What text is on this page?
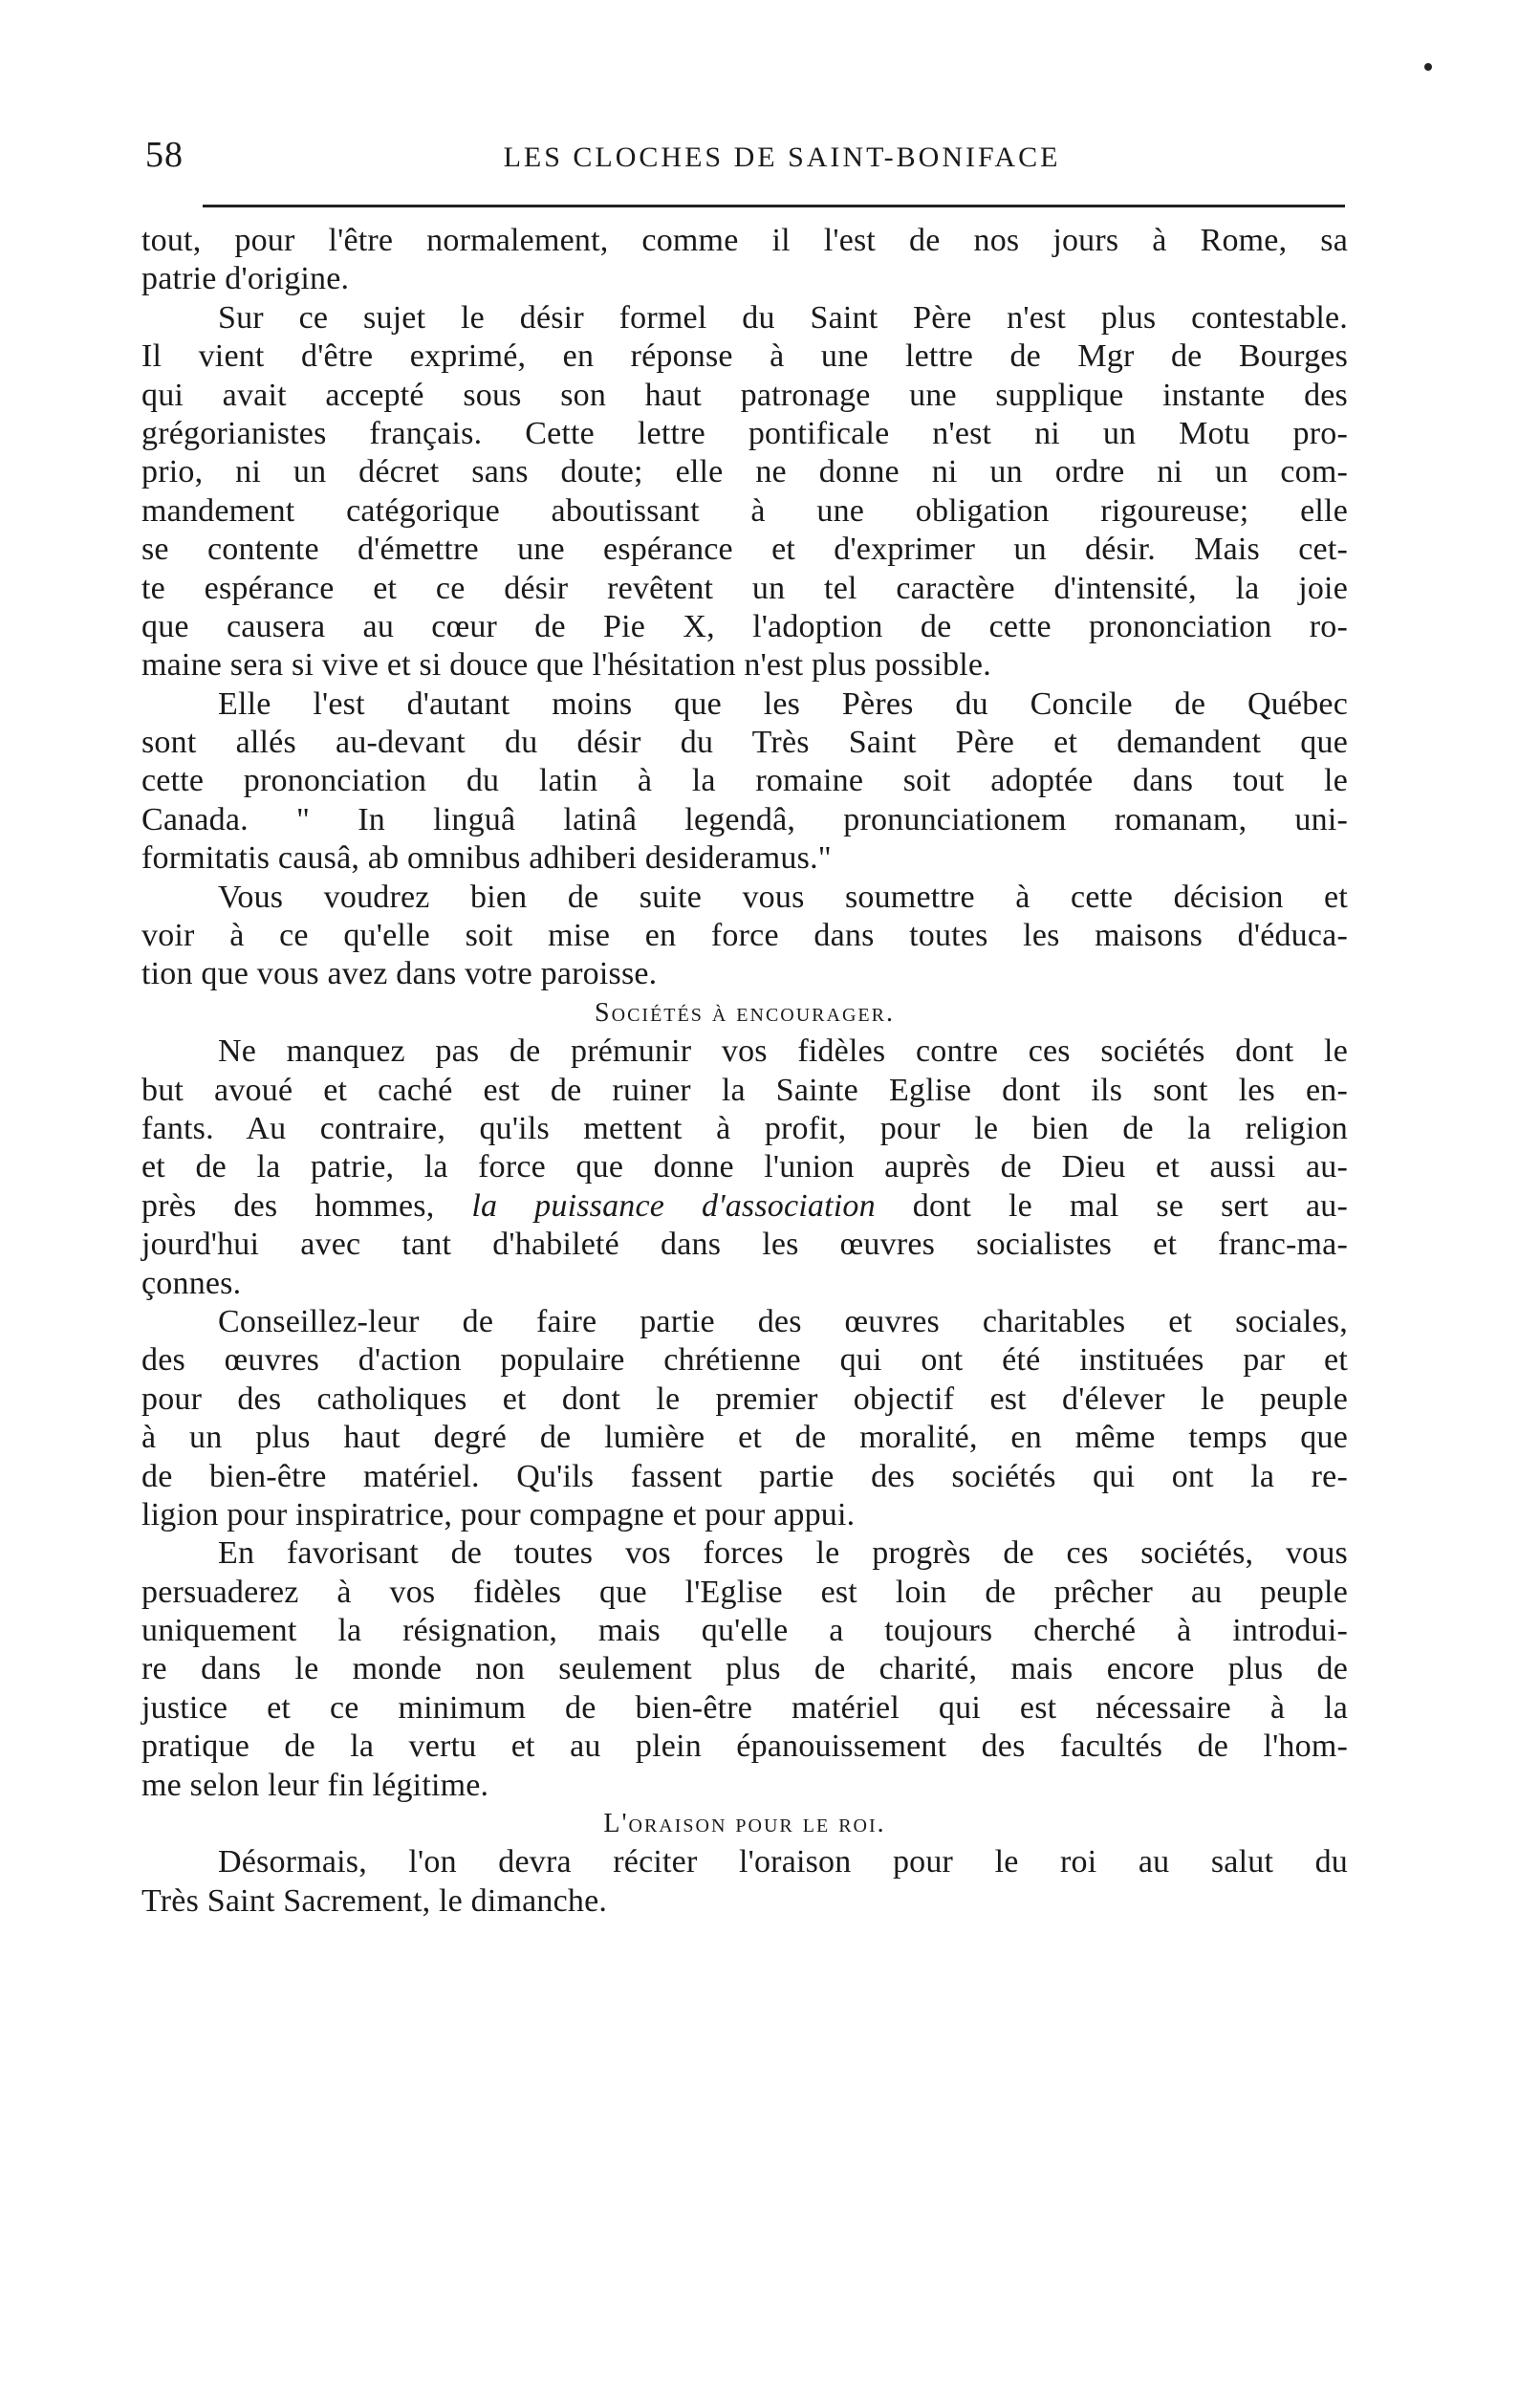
58	LES CLOCHES DE SAINT-BONIFACE
tout, pour l'être normalement, comme il l'est de nos jours à Rome, sa
patrie d'origine.
Sur ce sujet le désir formel du Saint Père n'est plus contestable.
Il vient d'être exprimé, en réponse à une lettre de Mgr de Bourges
qui avait accepté sous son haut patronage une supplique instante des
grégorianistes français. Cette lettre pontificale n'est ni un Motu pro-
prio, ni un décret sans doute; elle ne donne ni un ordre ni un com-
mandement catégorique aboutissant à une obligation rigoureuse; elle
se contente d'émettre une espérance et d'exprimer un désir. Mais cet-
te espérance et ce désir revêtent un tel caractère d'intensité, la joie
que causera au cœur de Pie X, l'adoption de cette prononciation ro-
maine sera si vive et si douce que l'hésitation n'est plus possible.
Elle l'est d'autant moins que les Pères du Concile de Québec
sont allés au-devant du désir du Très Saint Père et demandent que
cette prononciation du latin à la romaine soit adoptée dans tout le
Canada. " In linguâ latinâ legendâ, pronunciationem romanam, uni-
formitatis causâ, ab omnibus adhiberi desideramus."
Vous voudrez bien de suite vous soumettre à cette décision et
voir à ce qu'elle soit mise en force dans toutes les maisons d'éduca-
tion que vous avez dans votre paroisse.
Sociétés à encourager.
Ne manquez pas de prémunir vos fidèles contre ces sociétés dont le
but avoué et caché est de ruiner la Sainte Eglise dont ils sont les en-
fants. Au contraire, qu'ils mettent à profit, pour le bien de la religion
et de la patrie, la force que donne l'union auprès de Dieu et aussi au-
près des hommes, la puissance d'association dont le mal se sert au-
jourd'hui avec tant d'habileté dans les œuvres socialistes et franc-ma-
çonnes.
Conseillez-leur de faire partie des œuvres charitables et sociales,
des œuvres d'action populaire chrétienne qui ont été instituées par et
pour des catholiques et dont le premier objectif est d'élever le peuple
à un plus haut degré de lumière et de moralité, en même temps que
de bien-être matériel. Qu'ils fassent partie des sociétés qui ont la re-
ligion pour inspiratrice, pour compagne et pour appui.
En favorisant de toutes vos forces le progrès de ces sociétés, vous
persuaderez à vos fidèles que l'Eglise est loin de prêcher au peuple
uniquement la résignation, mais qu'elle a toujours cherché à introdui-
re dans le monde non seulement plus de charité, mais encore plus de
justice et ce minimum de bien-être matériel qui est nécessaire à la
pratique de la vertu et au plein épanouissement des facultés de l'hom-
me selon leur fin légitime.
L'oraison pour le roi.
Désormais, l'on devra réciter l'oraison pour le roi au salut du
Très Saint Sacrement, le dimanche.
